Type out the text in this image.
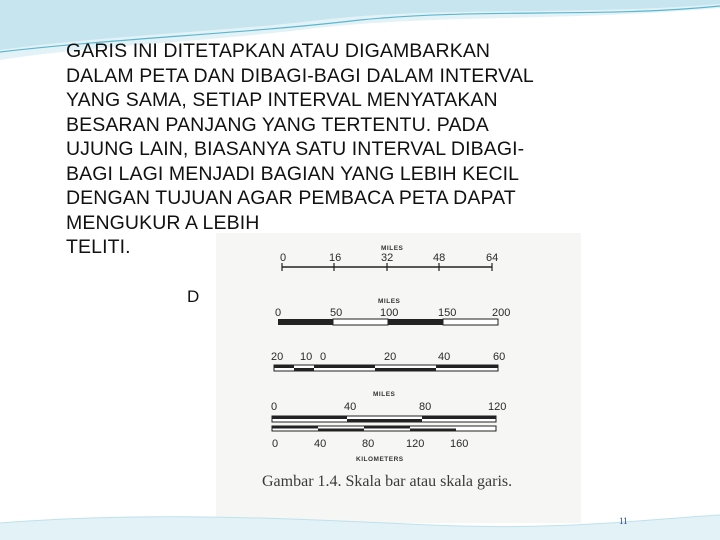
GARIS INI DITETAPKAN ATAU DIGAMBARKAN
DALAM PETA DAN DIBAGI-BAGI DALAM INTERVAL
YANG SAMA, SETIAP INTERVAL MENYATAKAN
BESARAN PANJANG YANG TERTENTU. PADA
UJUNG LAIN, BIASANYA SATU INTERVAL DIBAGI-
BAGI LAGI MENJADI BAGIAN YANG LEBIH KECIL
DENGAN TUJUAN AGAR PEMBACA PETA DAPAT
MENGUKUR A LEBIH
TELITI.
D
MILES
0	16	32	48	64
MILES
0	50	100	150	200
20 10 0	20	40	60
MILES
0	40	80	120
0	40	80	120 160
KILOMETERS
Gambar 1.4. Skala bar atau skala garis.
11
